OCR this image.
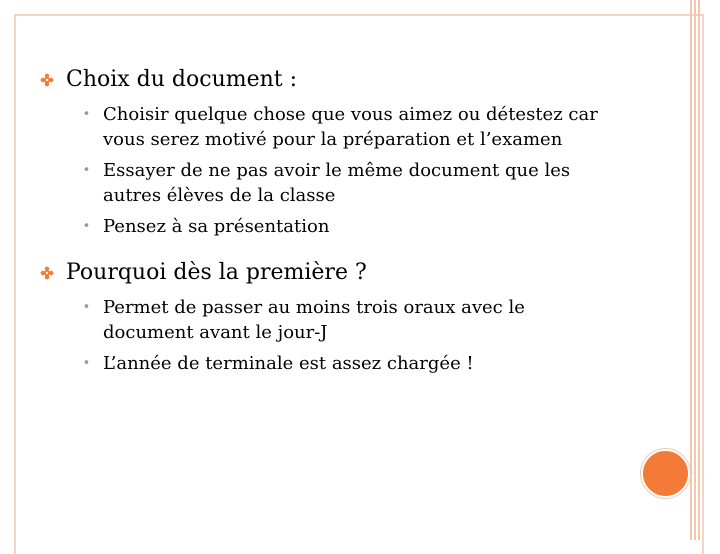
Choix du document :
• Choisir quelque chose que vous aimez ou détestez car
vous serez motivé pour la préparation et l’examen
• Essayer de ne pas avoir le même document que les
autres élèves de la classe
• Pensez à sa présentation
Pourquoi dès la première ?
• Permet de passer au moins trois oraux avec le
document avant le jour-J
• L’année de terminale est assez chargée !
